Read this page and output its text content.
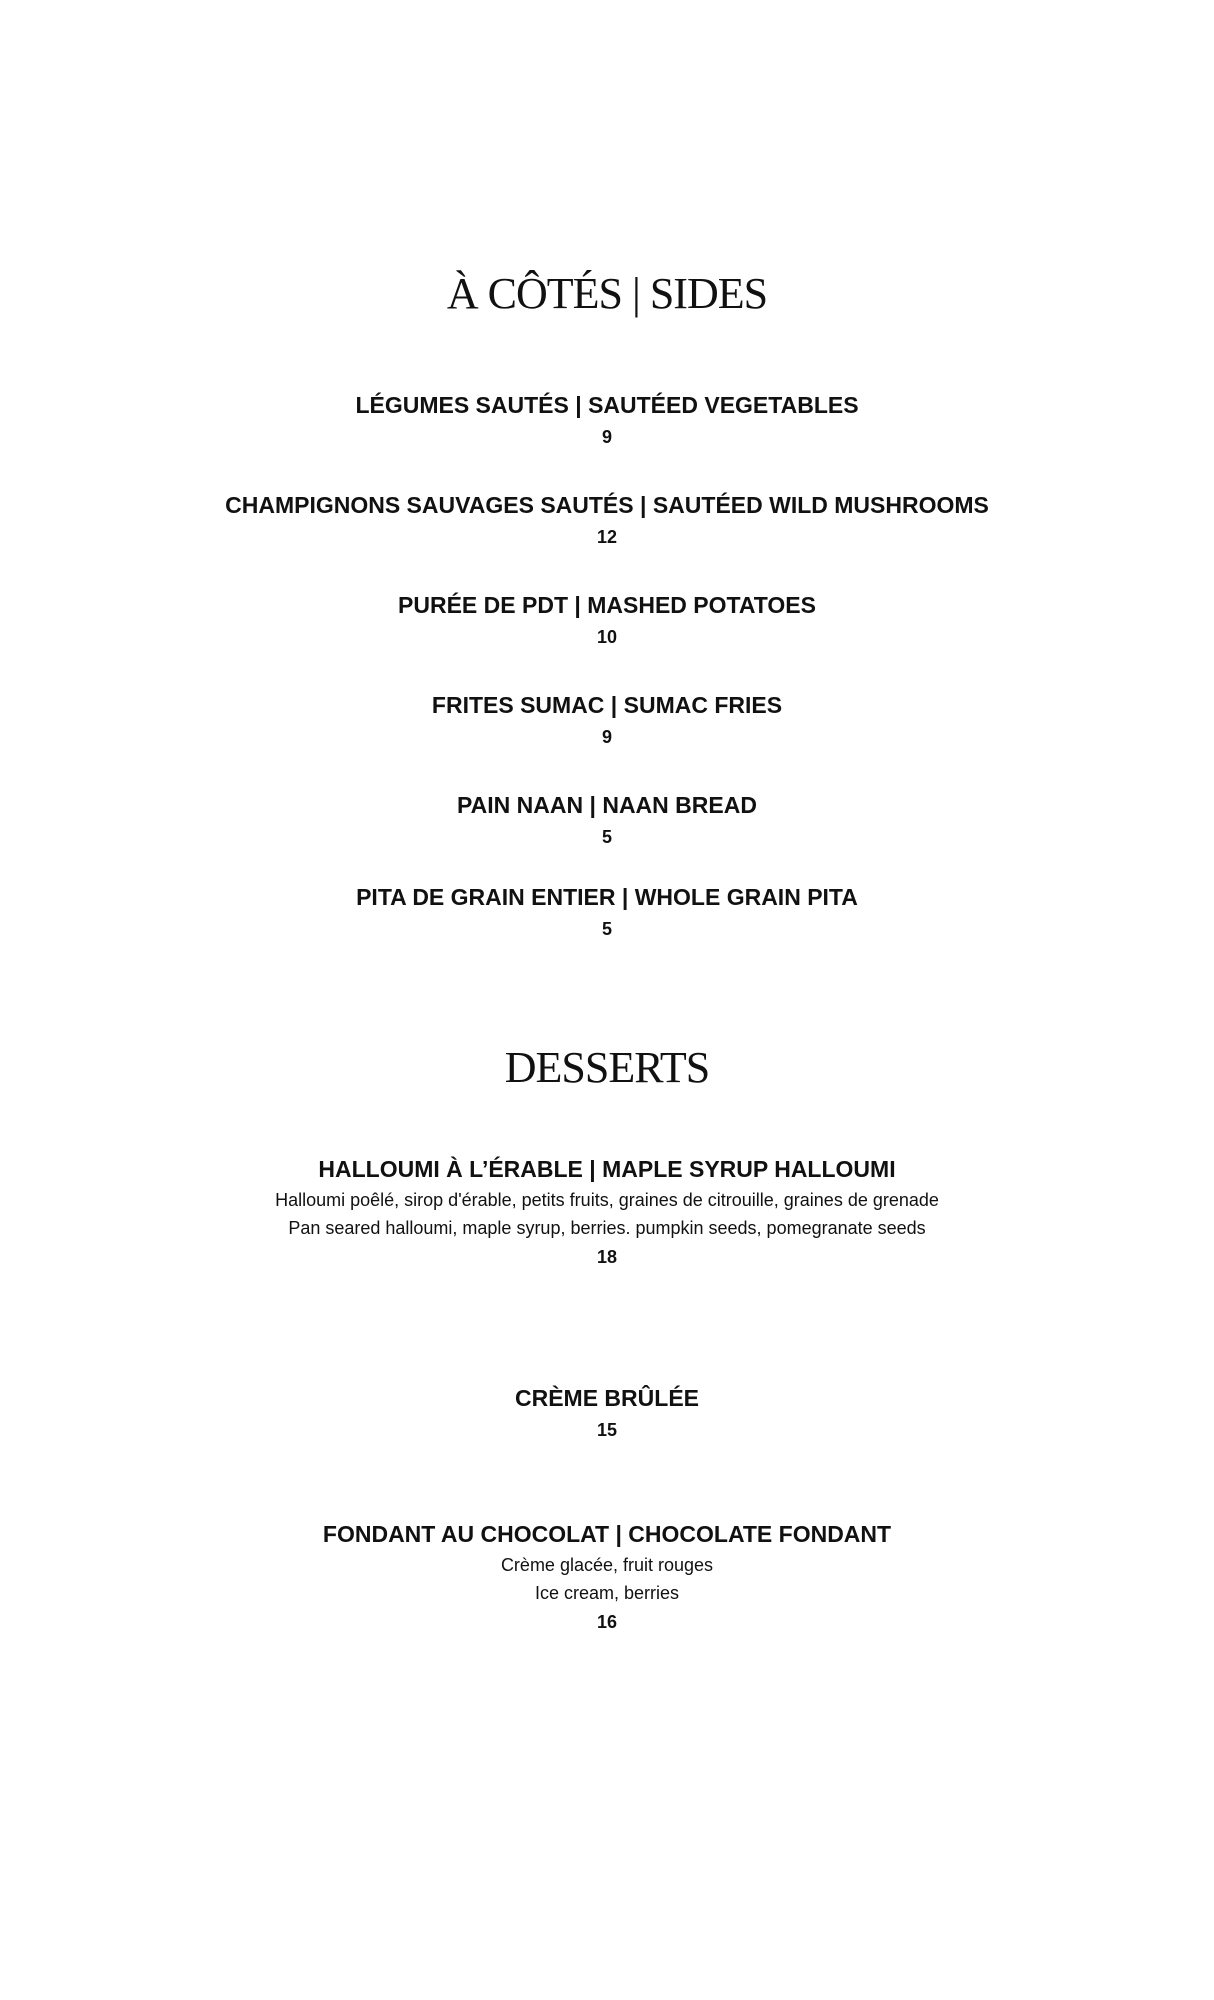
À CÔTÉS | SIDES
LÉGUMES SAUTÉS | SAUTÉED VEGETABLES
9
CHAMPIGNONS SAUVAGES SAUTÉS | SAUTÉED WILD MUSHROOMS
12
PURÉE DE PDT | MASHED POTATOES
10
FRITES SUMAC | SUMAC FRIES
9
PAIN NAAN | NAAN BREAD
5
PITA DE GRAIN ENTIER | WHOLE GRAIN PITA
5
DESSERTS
HALLOUMI À L’ÉRABLE | MAPLE SYRUP HALLOUMI
Halloumi poêlé, sirop d'érable, petits fruits, graines de citrouille, graines de grenade
Pan seared halloumi, maple syrup, berries. pumpkin seeds, pomegranate seeds
18
CRÈME BRÛLÉE
15
FONDANT AU CHOCOLAT | CHOCOLATE FONDANT
Crème glacée, fruit rouges
Ice cream, berries
16
